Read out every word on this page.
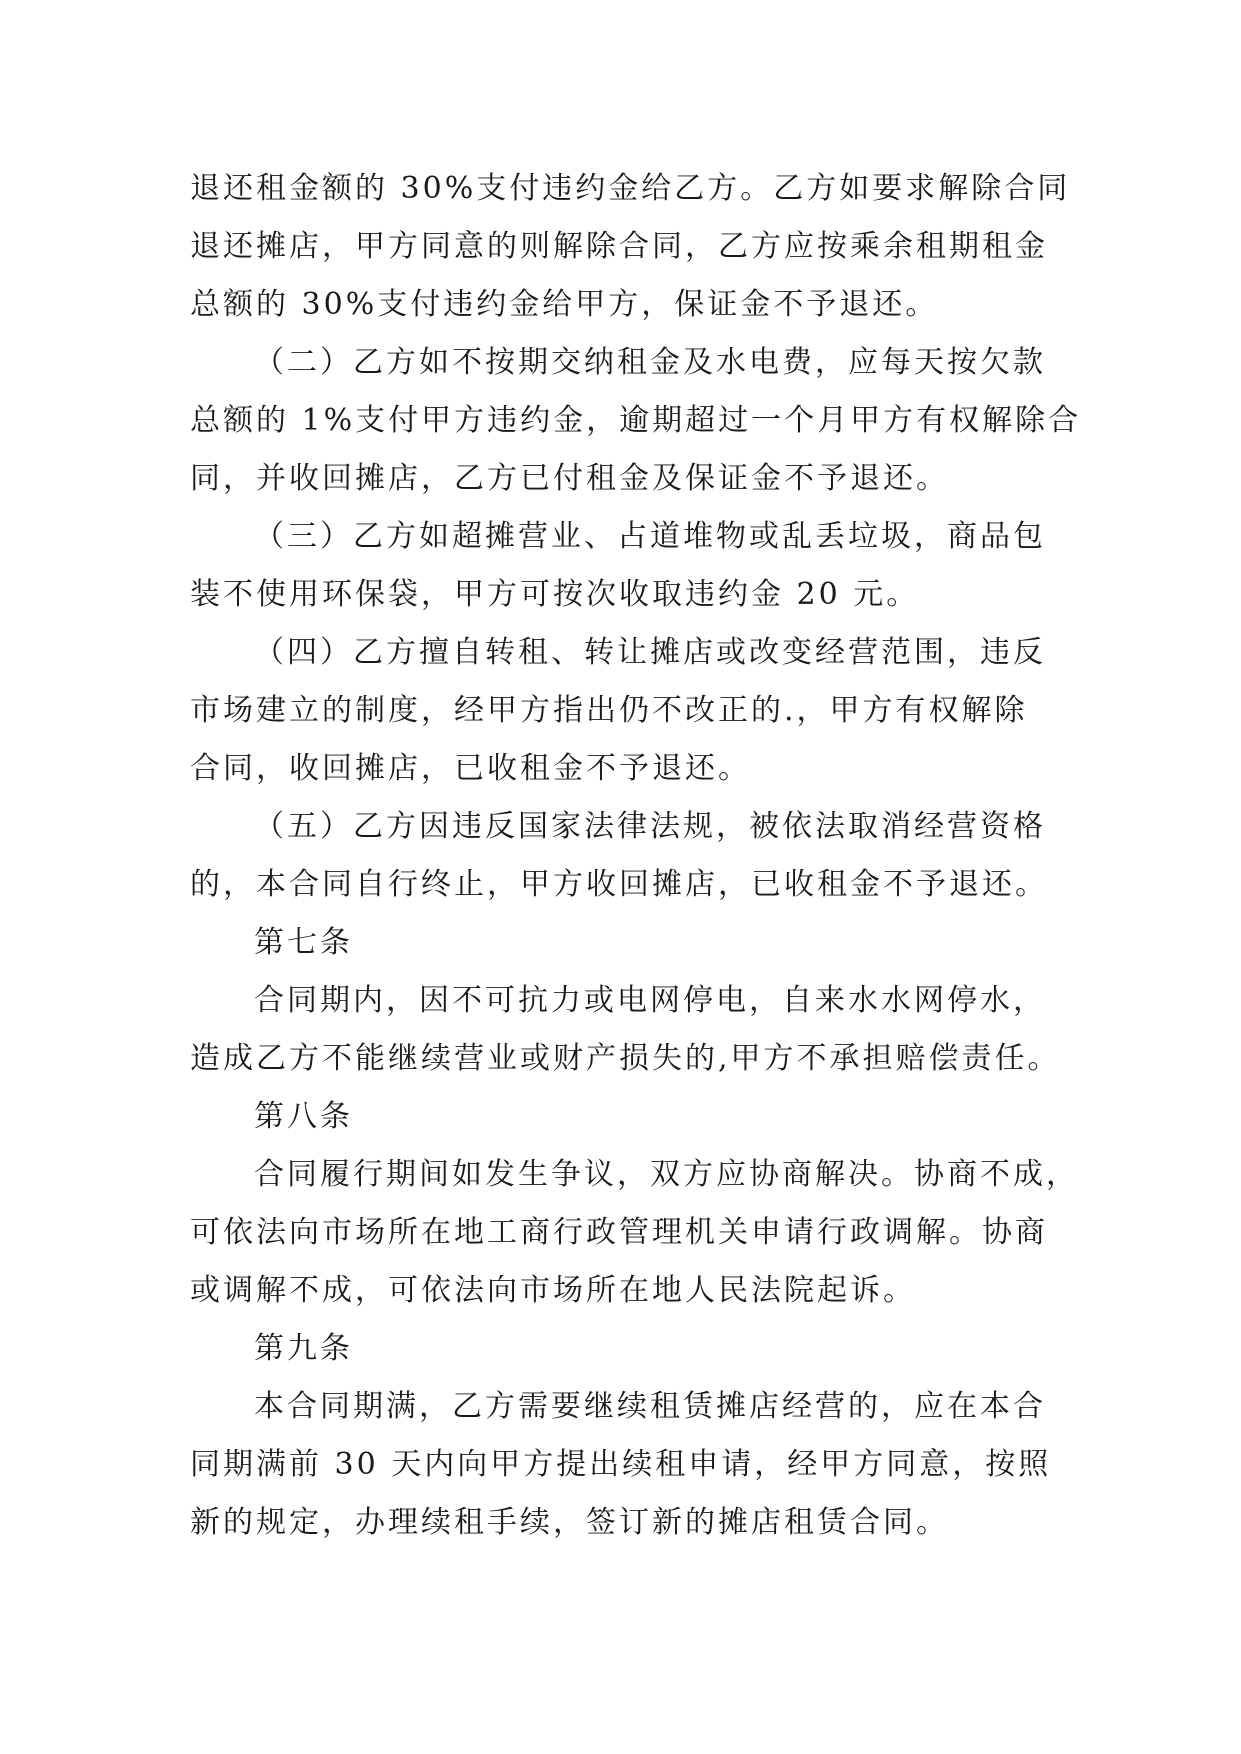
退还租金额的 30%支付违约金给乙方。乙方如要求解除合同

退还摊店，甲方同意的则解除合同，乙方应按乘余租期租金

总额的 30%支付违约金给甲方，保证金不予退还。

（二）乙方如不按期交纳租金及水电费，应每天按欠款

总额的 1%支付甲方违约金，逾期超过一个月甲方有权解除合

同，并收回摊店，乙方已付租金及保证金不予退还。

（三）乙方如超摊营业、占道堆物或乱丢垃圾，商品包

装不使用环保袋，甲方可按次收取违约金 20 元。

（四）乙方擅自转租、转让摊店或改变经营范围，违反

市场建立的制度，经甲方指出仍不改正的.，甲方有权解除

合同，收回摊店，已收租金不予退还。

（五）乙方因违反国家法律法规，被依法取消经营资格

的，本合同自行终止，甲方收回摊店，已收租金不予退还。

第七条

合同期内，因不可抗力或电网停电，自来水水网停水，

造成乙方不能继续营业或财产损失的,甲方不承担赔偿责任。

第八条

合同履行期间如发生争议，双方应协商解决。协商不成，

可依法向市场所在地工商行政管理机关申请行政调解。协商

或调解不成，可依法向市场所在地人民法院起诉。

第九条

本合同期满，乙方需要继续租赁摊店经营的，应在本合

同期满前 30 天内向甲方提出续租申请，经甲方同意，按照

新的规定，办理续租手续，签订新的摊店租赁合同。
